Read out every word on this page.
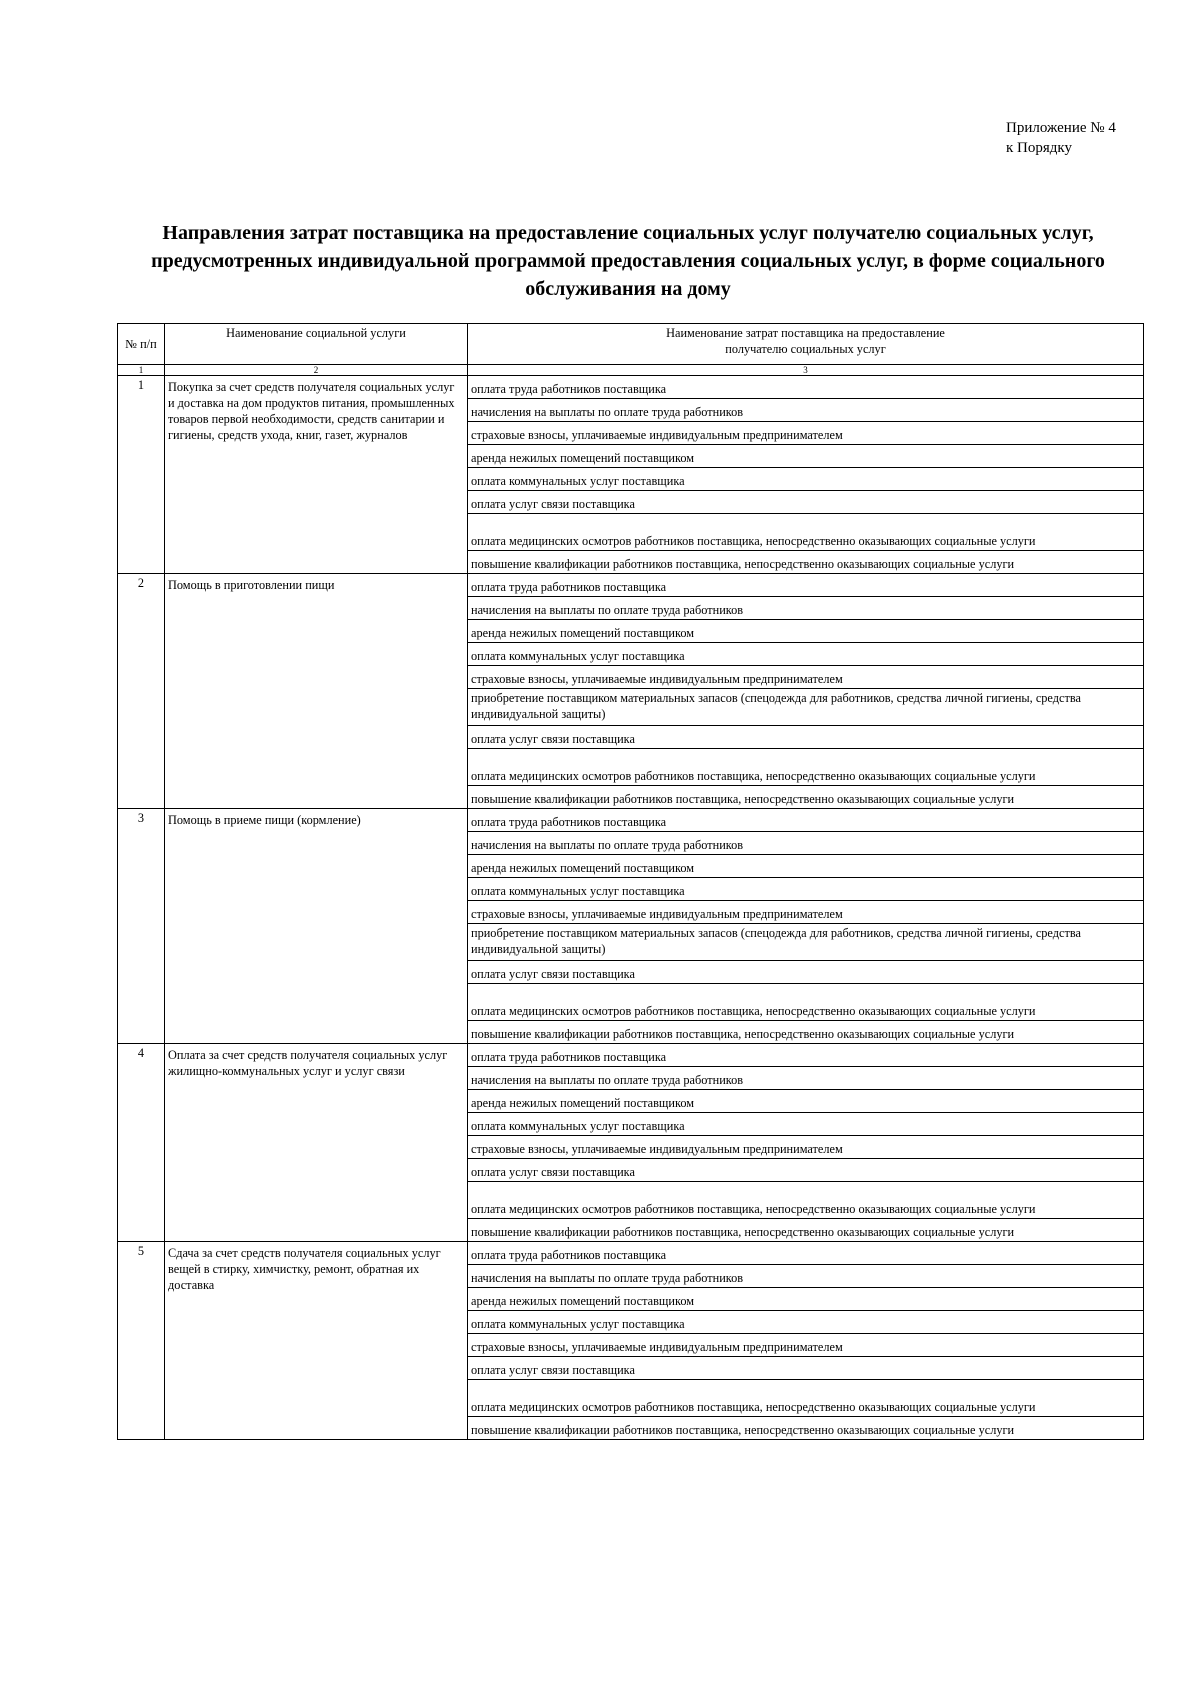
Приложение № 4
к Порядку
Направления затрат поставщика на предоставление социальных услуг получателю социальных услуг, предусмотренных индивидуальной программой предоставления социальных услуг, в форме социального обслуживания на дому
№ п/п	Наименование социальной услуги	Наименование затрат поставщика на предоставление
получателю социальных услуг

1	2	3
1	Покупка за счет средств получателя социальных услуг и доставка на дом продуктов питания, промышленных товаров первой необходимости, средств санитарии и гигиены, средств ухода, книг, газет, журналов	оплата труда работников поставщика
		начисления на выплаты по оплате труда работников
		страховые взносы, уплачиваемые индивидуальным предпринимателем
		аренда нежилых помещений поставщиком
		оплата коммунальных услуг поставщика
		оплата услуг связи поставщика
		оплата медицинских осмотров работников поставщика, непосредственно оказывающих социальные услуги
		повышение квалификации работников поставщика, непосредственно оказывающих социальные услуги
2	Помощь в приготовлении пищи	оплата труда работников поставщика
		начисления на выплаты по оплате труда работников
		аренда нежилых помещений поставщиком
		оплата коммунальных услуг поставщика
		страховые взносы, уплачиваемые индивидуальным предпринимателем
		приобретение поставщиком материальных запасов (спецодежда для работников, средства личной гигиены, средства индивидуальной защиты)
		оплата услуг связи поставщика
		оплата медицинских осмотров работников поставщика, непосредственно оказывающих социальные услуги
		повышение квалификации работников поставщика, непосредственно оказывающих социальные услуги
3	Помощь в приеме пищи (кормление)	оплата труда работников поставщика
		начисления на выплаты по оплате труда работников
		аренда нежилых помещений поставщиком
		оплата коммунальных услуг поставщика
		страховые взносы, уплачиваемые индивидуальным предпринимателем
		приобретение поставщиком материальных запасов (спецодежда для работников, средства личной гигиены, средства индивидуальной защиты)
		оплата услуг связи поставщика
		оплата медицинских осмотров работников поставщика, непосредственно оказывающих социальные услуги
		повышение квалификации работников поставщика, непосредственно оказывающих социальные услуги
4	Оплата за счет средств получателя социальных услуг жилищно-коммунальных услуг и услуг связи	оплата труда работников поставщика
		начисления на выплаты по оплате труда работников
		аренда нежилых помещений поставщиком
		оплата коммунальных услуг поставщика
		страховые взносы, уплачиваемые индивидуальным предпринимателем
		оплата услуг связи поставщика
		оплата медицинских осмотров работников поставщика, непосредственно оказывающих социальные услуги
		повышение квалификации работников поставщика, непосредственно оказывающих социальные услуги
5	Сдача за счет средств получателя социальных услуг вещей в стирку, химчистку, ремонт, обратная их доставка	оплата труда работников поставщика
		начисления на выплаты по оплате труда работников
		аренда нежилых помещений поставщиком
		оплата коммунальных услуг поставщика
		страховые взносы, уплачиваемые индивидуальным предпринимателем
		оплата услуг связи поставщика
		оплата медицинских осмотров работников поставщика, непосредственно оказывающих социальные услуги
		повышение квалификации работников поставщика, непосредственно оказывающих социальные услуги
